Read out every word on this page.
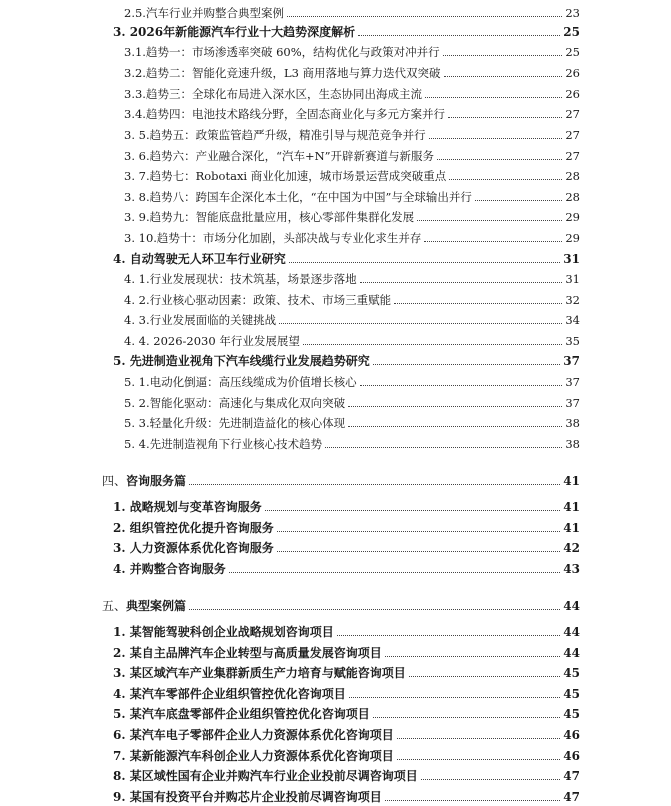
2.5.汽车行业并购整合典型案例	23
3. 2026年新能源汽车行业十大趋势深度解析	25
3.1.趋势一：市场渗透率突破 60%，结构优化与政策对冲并行	25
3.2.趋势二：智能化竞速升级，L3 商用落地与算力迭代双突破	26
3.3.趋势三：全球化布局进入深水区，生态协同出海成主流	26
3.4.趋势四：电池技术路线分野，全固态商业化与多元方案并行	27
3. 5.趋势五：政策监管趋严升级，精准引导与规范竞争并行	27
3. 6.趋势六：产业融合深化，“汽车+N”开辟新赛道与新服务	27
3. 7.趋势七：Robotaxi 商业化加速，城市场景运营成突破重点	28
3. 8.趋势八：跨国车企深化本土化，“在中国为中国”与全球输出并行	28
3. 9.趋势九：智能底盘批量应用，核心零部件集群化发展	29
3. 10.趋势十：市场分化加剧，头部决战与专业化求生并存	29
4. 自动驾驶无人环卫车行业研究	31
4. 1.行业发展现状：技术筑基，场景逐步落地	31
4. 2.行业核心驱动因素：政策、技术、市场三重赋能	32
4. 3.行业发展面临的关键挑战	34
4. 4. 2026-2030 年行业发展展望	35
5. 先进制造业视角下汽车线缆行业发展趋势研究	37
5. 1.电动化倒逼：高压线缆成为价值增长核心	37
5. 2.智能化驱动：高速化与集成化双向突破	37
5. 3.轻量化升级：先进制造益化的核心体现	38
5. 4.先进制造视角下行业核心技术趋势	38
四、咨询服务篇	41
1. 战略规划与变革咨询服务	41
2. 组织管控优化提升咨询服务	41
3. 人力资源体系优化咨询服务	42
4. 并购整合咨询服务	43
五、典型案例篇	44
1. 某智能驾驶科创企业战略规划咨询项目	44
2. 某自主品牌汽车企业转型与高质量发展咨询项目	44
3. 某区域汽车产业集群新质生产力培育与赋能咨询项目	45
4. 某汽车零部件企业组织管控优化咨询项目	45
5. 某汽车底盘零部件企业组织管控优化咨询项目	45
6. 某汽车电子零部件企业人力资源体系优化咨询项目	46
7. 某新能源汽车科创企业人力资源体系优化咨询项目	46
8. 某区域性国有企业并购汽车行业企业投前尽调咨询项目	47
9. 某国有投资平台并购芯片企业投前尽调咨询项目	47
